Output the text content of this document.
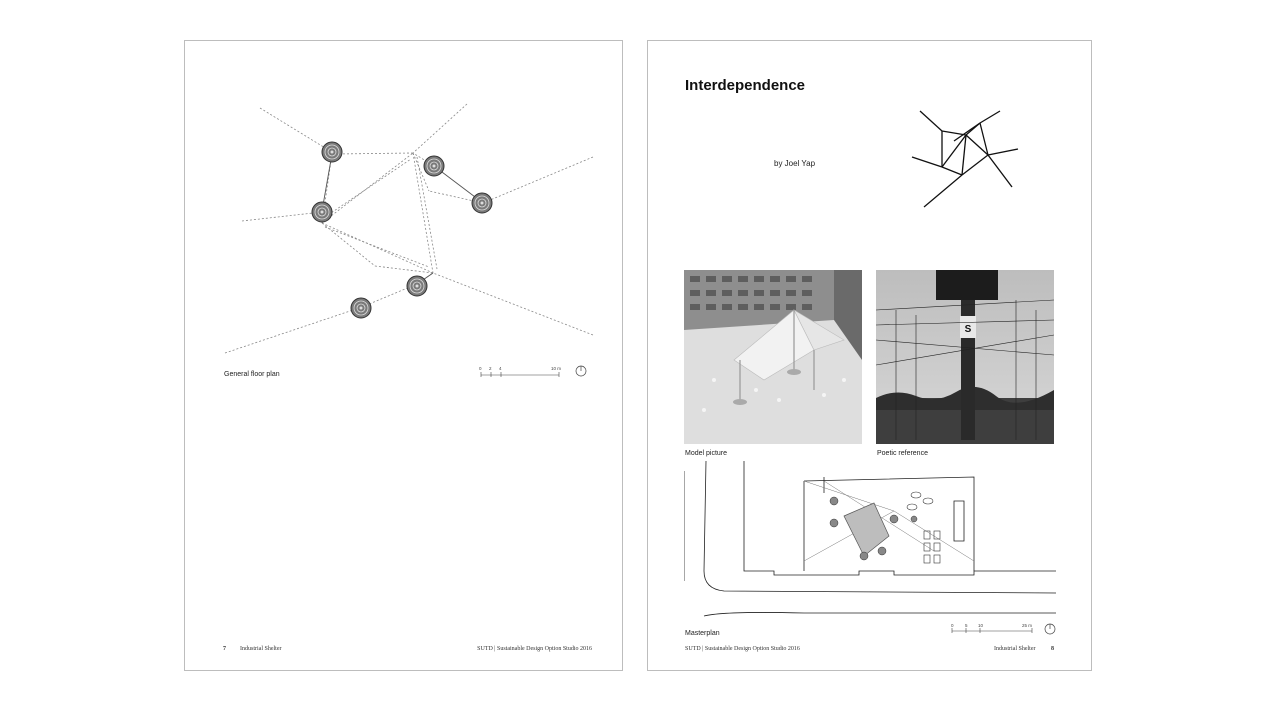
0 2 4	10 m
General floor plan
7 Industrial Shelter	SUTD | Sustainable Design Option Studio 2016
Interdependence
by Joel Yap
Model picture
S
Poetic reference
Masterplan
0	5 10	25 m
SUTD | Sustainable Design Option Studio 2016	Industrial Shelter	8
